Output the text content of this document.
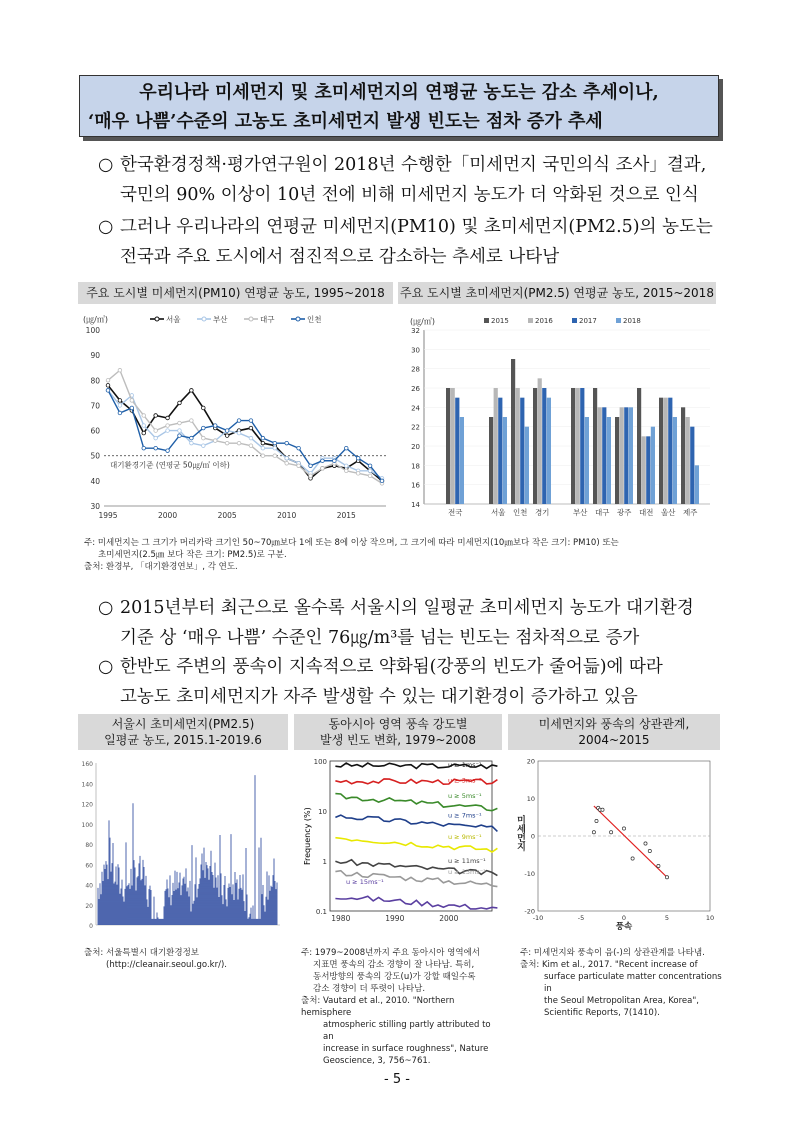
우리나라 미세먼지 및 초미세먼지의 연평균 농도는 감소 추세이나,
‘매우 나쁨’수준의 고농도 초미세먼지 발생 빈도는 점차 증가 추세
○ 한국환경정책·평가연구원이 2018년 수행한「미세먼지 국민의식 조사」결과,
국민의 90% 이상이 10년 전에 비해 미세먼지 농도가 더 악화된 것으로 인식
○ 그러나 우리나라의 연평균 미세먼지(PM10) 및 초미세먼지(PM2.5)의 농도는
전국과 주요 도시에서 점진적으로 감소하는 추세로 나타남
주요 도시별 미세먼지(PM10) 연평균 농도, 1995~2018	주요 도시별 초미세먼지(PM2.5) 연평균 농도, 2015~2018
(㎍/㎥)	서울	부산	대구	인천
30
40
50
60
70
80
90
100
1995	2000	2005	2010	2015
대기환경기준 (연평균 50㎍/㎥ 이하)
(㎍/㎥)	2015	2016	2017	2018
14
16
18
20
22
24
26
28
30
32
전국	서울 인천 경기	부산 대구 광주 대전 울산 제주
주: 미세먼지는 그 크기가 머리카락 크기인 50~70㎛보다 1에 또는 8에 이상 작으며, 그 크기에 따라 미세먼지(10㎛보다 작은 크기: PM10) 또는
초미세먼지(2.5㎛ 보다 작은 크기: PM2.5)로 구분.
출처: 환경부, 「대기환경연보」, 각 연도.
○ 2015년부터 최근으로 올수록 서울시의 일평균 초미세먼지 농도가 대기환경
기준 상 ‘매우 나쁨’ 수준인 76㎍/m³를 넘는 빈도는 점차적으로 증가
○ 한반도 주변의 풍속이 지속적으로 약화됨(강풍의 빈도가 줄어듦)에 따라
고농도 초미세먼지가 자주 발생할 수 있는 대기환경이 증가하고 있음
서울시 초미세먼지(PM2.5)
일평균 농도, 2015.1-2019.6
동아시아 영역 풍속 강도별
발생 빈도 변화, 1979~2008
미세먼지와 풍속의 상관관계,
2004~2015
0
20
40
60
80
100
120
140
160
Frequency (%)
0.1
1
10
100
1980	1990	2000
u ≥ 1ms⁻¹
u ≥ 3ms⁻¹
u ≥ 5ms⁻¹
u ≥ 7ms⁻¹
u ≥ 9ms⁻¹
u ≥ 11ms⁻¹
u ≥ 13ms⁻¹
u ≥ 15ms⁻¹
-10	-5	0	5	10
-20
-10
0
10
20
미세먼지
풍속
출처: 서울특별시 대기환경정보
(http://cleanair.seoul.go.kr/).
주: 1979~2008년까지 주요 동아시아 영역에서
지표면 풍속의 감소 경향이 잘 나타남. 특히,
동서방향의 풍속의 강도(u)가 강할 때일수록
감소 경향이 더 뚜렷이 나타남.
출처: Vautard et al., 2010. "Northern hemisphere
atmospheric stilling partly attributed to an
increase in surface roughness", Nature
Geoscience, 3, 756~761.
주: 미세먼지와 풍속이 음(-)의 상관관계를 나타냄.
출처: Kim et al., 2017. "Recent increase of
surface particulate matter concentrations in
the Seoul Metropolitan Area, Korea",
Scientific Reports, 7(1410).
- 5 -
